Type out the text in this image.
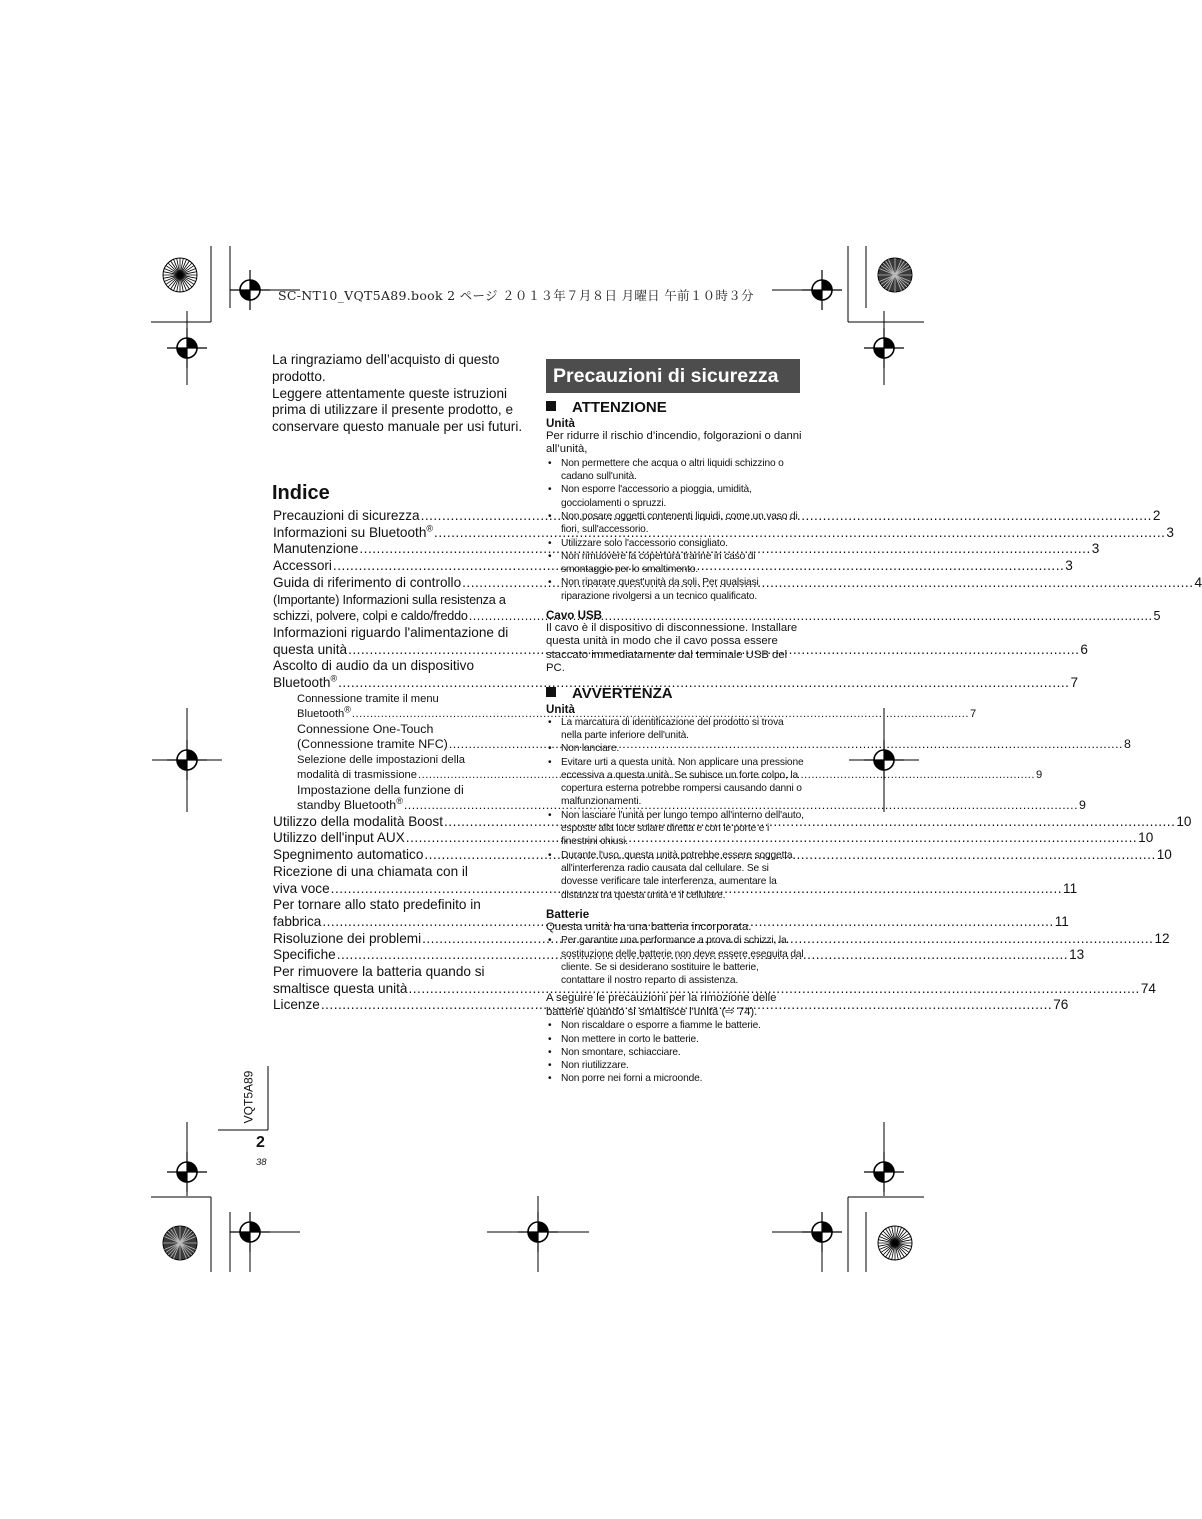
SC-NT10_VQT5A89.book 2 ページ ２０１３年７月８日 月曜日 午前１０時３分

La ringraziamo dell’acquisto di questo prodotto.

Leggere attentamente queste istruzioni prima di utilizzare il presente prodotto, e conservare questo manuale per usi futuri.

Indice
Precauzioni di sicurezza .....	2
Informazioni su Bluetooth® .....	3
Manutenzione .....	3
Accessori .....	3
Guida di riferimento di controllo .....	4
(Importante) Informazioni sulla resistenza a
schizzi, polvere, colpi e caldo/freddo .....	5
Informazioni riguardo l'alimentazione di
questa unità .....	6
Ascolto di audio da un dispositivo
Bluetooth® .....	7
Connessione tramite il menu
Bluetooth® .....	7
Connessione One-Touch
(Connessione tramite NFC) .....	8
Selezione delle impostazioni della
modalità di trasmissione .....	9
Impostazione della funzione di
standby Bluetooth® .....	9
Utilizzo della modalità Boost .....	10
Utilizzo dell'input AUX .....	10
Spegnimento automatico .....	10
Ricezione di una chiamata con il
viva voce .....	11
Per tornare allo stato predefinito in
fabbrica .....	11
Risoluzione dei problemi .....	12
Specifiche .....	13
Per rimuovere la batteria quando si
smaltisce questa unità .....	74
Licenze .....	76
Precauzioni di sicurezza
ATTENZIONE
Unità

Per ridurre il rischio d’incendio, folgorazioni o danni all’unità,

• Non permettere che acqua o altri liquidi schizzino o cadano sull'unità.
• Non esporre l'accessorio a pioggia, umidità, gocciolamenti o spruzzi.
• Non posare oggetti contenenti liquidi, come un vaso di fiori, sull'accessorio.
• Utilizzare solo l'accessorio consigliato.
• Non rimuovere la copertura tranne in caso di smontaggio per lo smaltimento.
• Non riparare quest'unità da soli. Per qualsiasi riparazione rivolgersi a un tecnico qualificato.
Cavo USB

Il cavo è il dispositivo di disconnessione. Installare questa unità in modo che il cavo possa essere staccato immediatamente dal terminale USB del PC.

AVVERTENZA
Unità
• La marcatura di identificazione del prodotto si trova nella parte inferiore dell'unità.
• Non lanciare.
• Evitare urti a questa unità. Non applicare una pressione eccessiva a questa unità. Se subisce un forte colpo, la copertura esterna potrebbe rompersi causando danni o malfunzionamenti.
• Non lasciare l'unità per lungo tempo all'interno dell'auto, esposte alla luce solare diretta e con le porte e i finestrini chiusi.
• Durante l'uso, questa unità potrebbe essere soggetta all'interferenza radio causata dal cellulare. Se si dovesse verificare tale interferenza, aumentare la distanza tra questa unità e il cellulare.
Batterie

Questa unità ha una batteria incorporata.

• Per garantire una performance a prova di schizzi, la sostituzione delle batterie non deve essere eseguita dal cliente. Se si desiderano sostituire le batterie, contattare il nostro reparto di assistenza.

A seguire le precauzioni per la rimozione delle batterie quando si smaltisce l'unità (⇨ 74).

• Non riscaldare o esporre a fiamme le batterie.
• Non mettere in corto le batterie.
• Non smontare, schiacciare.
• Non riutilizzare.
• Non porre nei forni a microonde.
VQT5A89
2
38
